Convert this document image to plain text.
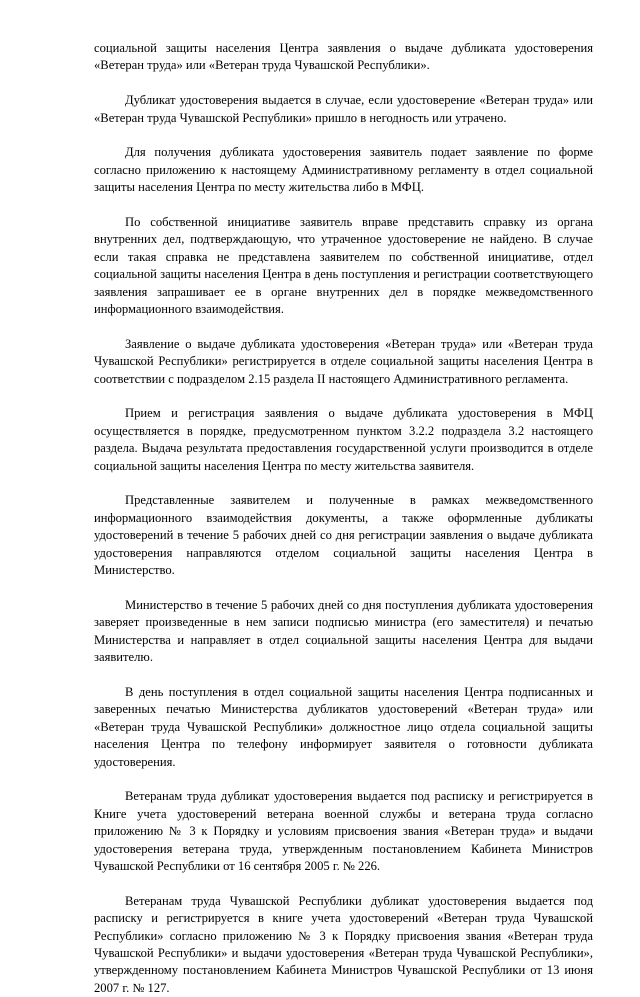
социальной защиты населения Центра заявления о выдаче дубликата удостоверения «Ветеран труда» или «Ветеран труда Чувашской Республики».

Дубликат удостоверения выдается в случае, если удостоверение «Ветеран труда» или «Ветеран труда Чувашской Республики» пришло в негодность или утрачено.

Для получения дубликата удостоверения заявитель подает заявление по форме согласно приложению к настоящему Административному регламенту в отдел социальной защиты населения Центра по месту жительства либо в МФЦ.

По собственной инициативе заявитель вправе представить справку из органа внутренних дел, подтверждающую, что утраченное удостоверение не найдено. В случае если такая справка не представлена заявителем по собственной инициативе, отдел социальной защиты населения Центра в день поступления и регистрации соответствующего заявления запрашивает ее в органе внутренних дел в порядке межведомственного информационного взаимодействия.

Заявление о выдаче дубликата удостоверения «Ветеран труда» или «Ветеран труда Чувашской Республики» регистрируется в отделе социальной защиты населения Центра в соответствии с подразделом 2.15 раздела II настоящего Административного регламента.

Прием и регистрация заявления о выдаче дубликата удостоверения в МФЦ осуществляется в порядке, предусмотренном пунктом 3.2.2 подраздела 3.2 настоящего раздела. Выдача результата предоставления государственной услуги производится в отделе социальной защиты населения Центра по месту жительства заявителя.

Представленные заявителем и полученные в рамках межведомственного информационного взаимодействия документы, а также оформленные дубликаты удостоверений в течение 5 рабочих дней со дня регистрации заявления о выдаче дубликата удостоверения направляются отделом социальной защиты населения Центра в Министерство.

Министерство в течение 5 рабочих дней со дня поступления дубликата удостоверения заверяет произведенные в нем записи подписью министра (его заместителя) и печатью Министерства и направляет в отдел социальной защиты населения Центра для выдачи заявителю.

В день поступления в отдел социальной защиты населения Центра подписанных и заверенных печатью Министерства дубликатов удостоверений «Ветеран труда» или «Ветеран труда Чувашской Республики» должностное лицо отдела социальной защиты населения Центра по телефону информирует заявителя о готовности дубликата удостоверения.

Ветеранам труда дубликат удостоверения выдается под расписку и регистрируется в Книге учета удостоверений ветерана военной службы и ветерана труда согласно приложению № 3 к Порядку и условиям присвоения звания «Ветеран труда» и выдачи удостоверения ветерана труда, утвержденным постановлением Кабинета Министров Чувашской Республики от 16 сентября 2005 г. № 226.

Ветеранам труда Чувашской Республики дубликат удостоверения выдается под расписку и регистрируется в книге учета удостоверений «Ветеран труда Чувашской Республики» согласно приложению № 3 к Порядку присвоения звания «Ветеран труда Чувашской Республики» и выдачи удостоверения «Ветеран труда Чувашской Республики», утвержденному постановлением Кабинета Министров Чувашской Республики от 13 июня 2007 г. № 127.
